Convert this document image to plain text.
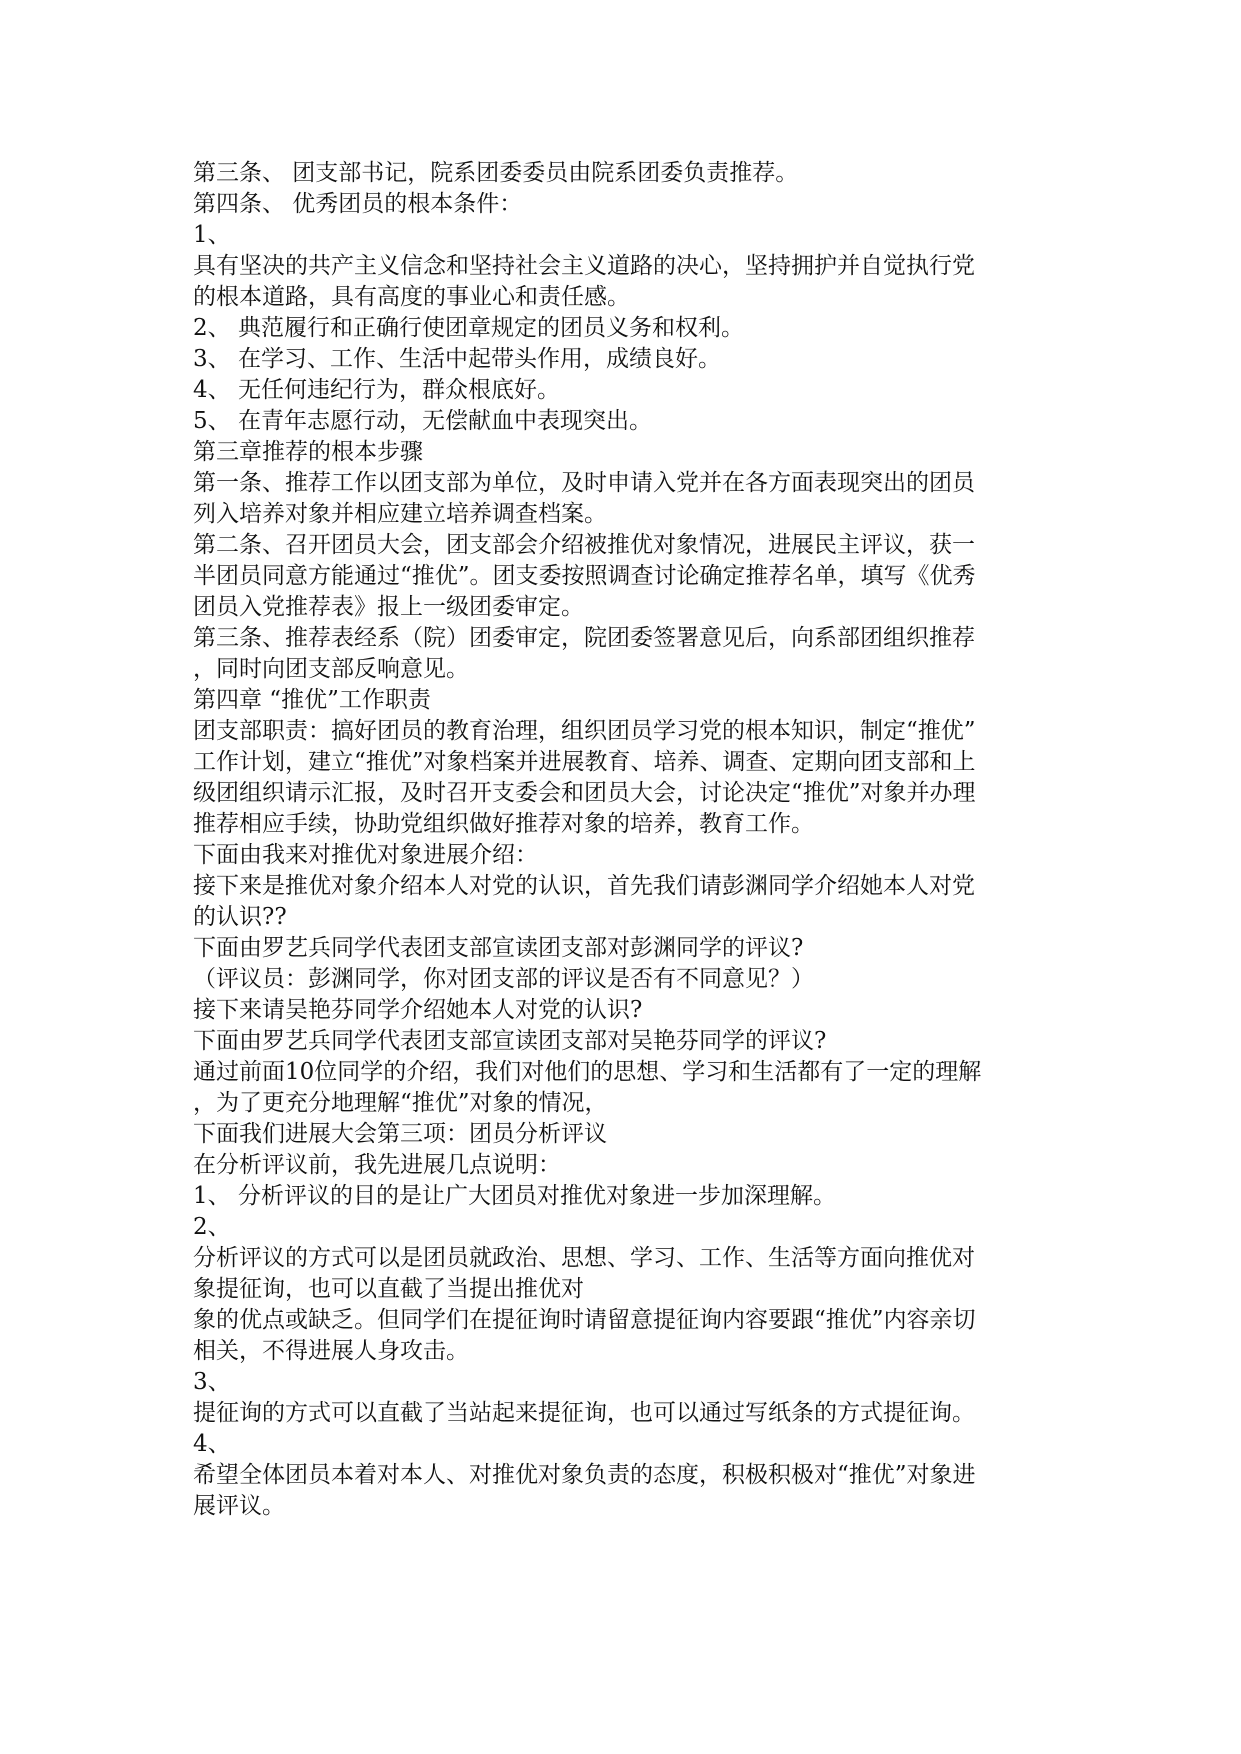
第三条、 团支部书记，院系团委委员由院系团委负责推荐。
第四条、 优秀团员的根本条件：
1、
具有坚决的共产主义信念和坚持社会主义道路的决心，坚持拥护并自觉执行党
的根本道路，具有高度的事业心和责任感。
2、 典范履行和正确行使团章规定的团员义务和权利。
3、 在学习、工作、生活中起带头作用，成绩良好。
4、 无任何违纪行为，群众根底好。
5、 在青年志愿行动，无偿献血中表现突出。
第三章推荐的根本步骤
第一条、推荐工作以团支部为单位，及时申请入党并在各方面表现突出的团员
列入培养对象并相应建立培养调查档案。
第二条、召开团员大会，团支部会介绍被推优对象情况，进展民主评议，获一
半团员同意方能通过“推优”。团支委按照调查讨论确定推荐名单，填写《优秀
团员入党推荐表》报上一级团委审定。
第三条、推荐表经系（院）团委审定，院团委签署意见后，向系部团组织推荐
，同时向团支部反响意见。
第四章 “推优”工作职责
团支部职责：搞好团员的教育治理，组织团员学习党的根本知识，制定“推优”
工作计划，建立“推优”对象档案并进展教育、培养、调查、定期向团支部和上
级团组织请示汇报，及时召开支委会和团员大会，讨论决定“推优”对象并办理
推荐相应手续，协助党组织做好推荐对象的培养，教育工作。
下面由我来对推优对象进展介绍：
接下来是推优对象介绍本人对党的认识，首先我们请彭渊同学介绍她本人对党
的认识??
下面由罗艺兵同学代表团支部宣读团支部对彭渊同学的评议?
（评议员：彭渊同学，你对团支部的评议是否有不同意见？）
接下来请吴艳芬同学介绍她本人对党的认识?
下面由罗艺兵同学代表团支部宣读团支部对吴艳芬同学的评议?
通过前面10位同学的介绍，我们对他们的思想、学习和生活都有了一定的理解
，为了更充分地理解“推优”对象的情况，
下面我们进展大会第三项：团员分析评议
在分析评议前，我先进展几点说明：
1、 分析评议的目的是让广大团员对推优对象进一步加深理解。
2、
分析评议的方式可以是团员就政治、思想、学习、工作、生活等方面向推优对
象提征询，也可以直截了当提出推优对
象的优点或缺乏。但同学们在提征询时请留意提征询内容要跟“推优”内容亲切
相关，不得进展人身攻击。
3、
提征询的方式可以直截了当站起来提征询，也可以通过写纸条的方式提征询。
4、
希望全体团员本着对本人、对推优对象负责的态度，积极积极对“推优”对象进
展评议。
